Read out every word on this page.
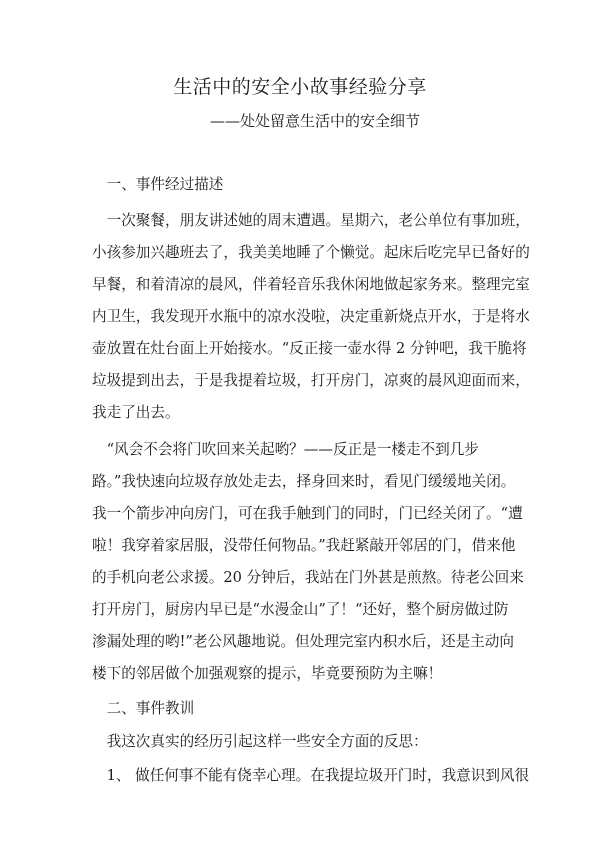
生活中的安全小故事经验分享
——处处留意生活中的安全细节
　一、事件经过描述
　一次聚餐，朋友讲述她的周末遭遇。星期六，老公单位有事加班，
小孩参加兴趣班去了，我美美地睡了个懒觉。起床后吃完早已备好的
早餐，和着清凉的晨风，伴着轻音乐我休闲地做起家务来。整理完室
内卫生，我发现开水瓶中的凉水没啦，决定重新烧点开水，于是将水
壶放置在灶台面上开始接水。“反正接一壶水得 2 分钟吧，我干脆将
垃圾提到出去，于是我提着垃圾，打开房门，凉爽的晨风迎面而来，
我走了出去。
　“风会不会将门吹回来关起哟？——反正是一楼走不到几步
路。”我快速向垃圾存放处走去，择身回来时，看见门缓缓地关闭。
我一个箭步冲向房门，可在我手触到门的同时，门已经关闭了。“遭
啦！我穿着家居服，没带任何物品。”我赶紧敲开邻居的门，借来他
的手机向老公求援。20 分钟后，我站在门外甚是煎熬。待老公回来
打开房门，厨房内早已是“水漫金山”了！“还好，整个厨房做过防
渗漏处理的哟!”老公风趣地说。但处理完室内积水后，还是主动向
楼下的邻居做个加强观察的提示，毕竟要预防为主嘛！
　二、事件教训
　我这次真实的经历引起这样一些安全方面的反思：
　1、 做任何事不能有侥幸心理。在我提垃圾开门时，我意识到风很
